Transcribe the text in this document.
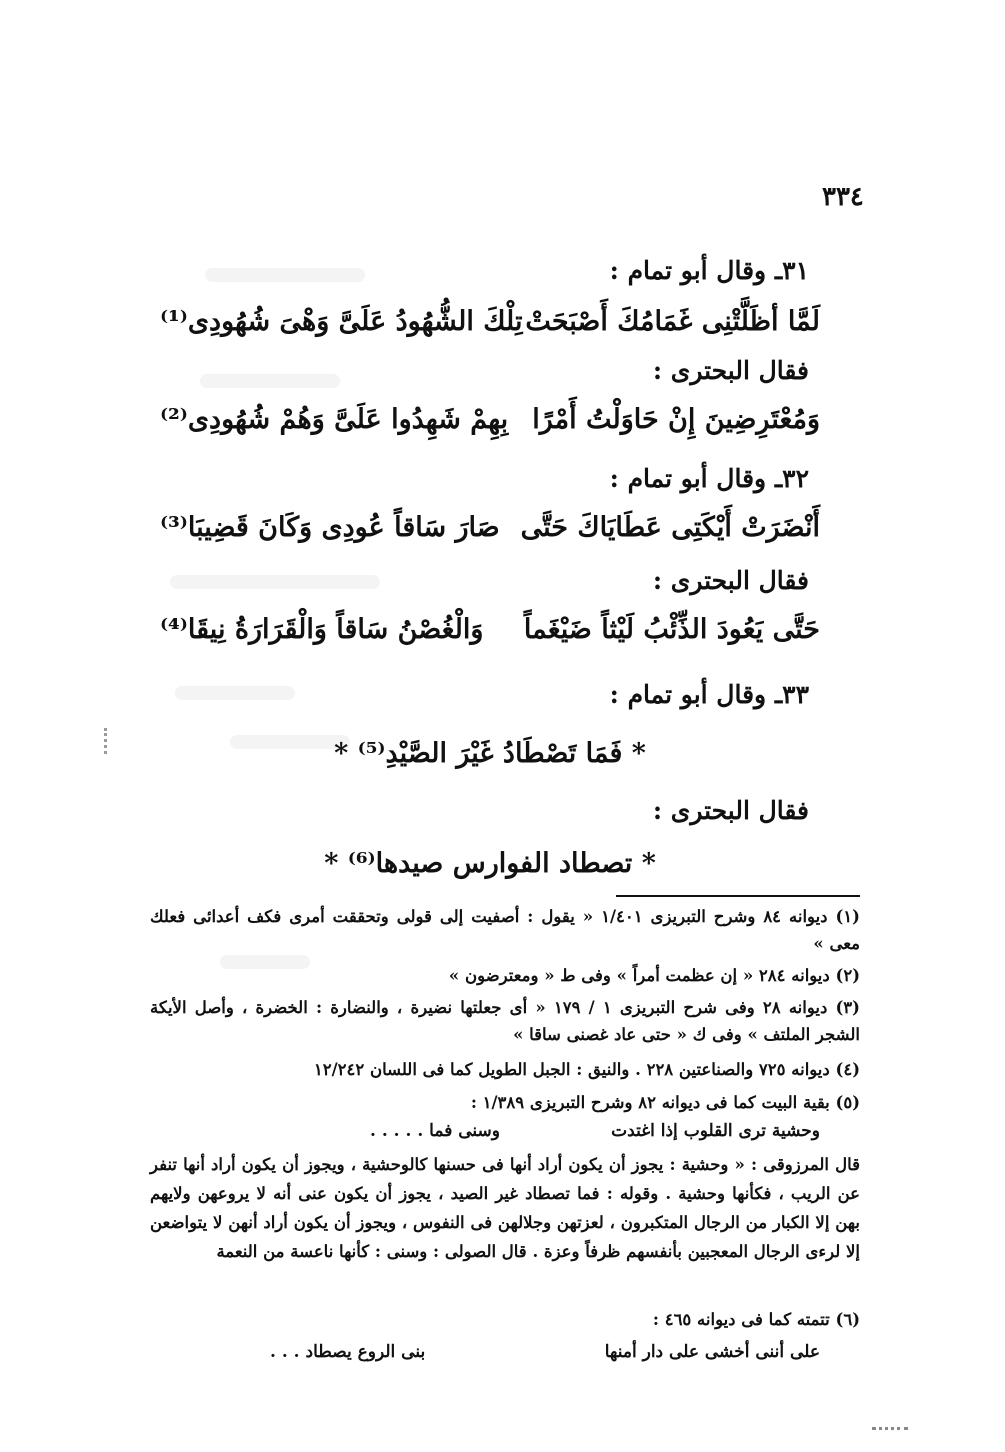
٣٣٤
٣١ـ وقال أبو تمام :
لَمَّا أظَلَّتْنِى غَمَامُكَ أَصْبَحَتْ
تِلْكَ الشُّهُودُ عَلَىَّ وَهْىَ شُهُودِى⁽¹⁾
فقال البحترى :
وَمُعْتَرِضِينَ إِنْ حَاوَلْتُ أَمْرًا
بِهِمْ شَهِدُوا عَلَىَّ وَهُمْ شُهُودِى⁽²⁾
٣٢ـ وقال أبو تمام :
أَنْضَرَتْ أَيْكَتِى عَطَايَاكَ حَتَّى
صَارَ سَاقاً عُودِى وَكَانَ قَضِيبَا⁽³⁾
فقال البحترى :
حَتَّى يَعُودَ الذِّئْبُ لَيْثاً ضَيْغَماً
وَالْغُصْنُ سَاقاً وَالْقَرَارَةُ نِيقَا⁽⁴⁾
٣٣ـ وقال أبو تمام :
* فَمَا تَصْطَادُ غَيْرَ الصَّيْدِ⁽⁵⁾ *
فقال البحترى :
* تصطاد الفوارس صيدها⁽⁶⁾ *
(١) ديوانه ٨٤ وشرح التبريزى ١/٤٠١ « يقول : أصفيت إلى قولى وتحققت أمرى فكف أعدائى فعلك معى »
(٢) ديوانه ٢٨٤ « إن عظمت أمراً » وفى ط « ومعترضون »
(٣) ديوانه ٢٨ وفى شرح التبريزى ١ / ١٧٩ « أى جعلتها نضيرة ، والنضارة : الخضرة ، وأصل الأيكة الشجر الملتف » وفى ك « حتى عاد غصنى ساقا »
(٤) ديوانه ٧٢٥ والصناعتين ٢٢٨ . والنيق : الجبل الطويل كما فى اللسان ١٢/٢٤٢
(٥) بقية البيت كما فى ديوانه ٨٢ وشرح التبريزى ١/٣٨٩ :
وحشية ترى القلوب إذا اغتدت
وسنى فما . . . . .
قال المرزوقى : « وحشية : يجوز أن يكون أراد أنها فى حسنها كالوحشية ، ويجوز أن يكون أراد أنها تنفر عن الريب ، فكأنها وحشية . وقوله : فما تصطاد غير الصيد ، يجوز أن يكون عنى أنه لا يروعهن ولايهم بهن إلا الكبار من الرجال المتكبرون ، لعزتهن وجلالهن فى النفوس ، ويجوز أن يكون أراد أنهن لا يتواضعن إلا لرءى الرجال المعجبين بأنفسهم ظرفاً وعزة . قال الصولى : وسنى : كأنها ناعسة من النعمة
(٦) تتمته كما فى ديوانه ٤٦٥ :
على أننى أخشى على دار أمنها
بنى الروع يصطاد . . .
